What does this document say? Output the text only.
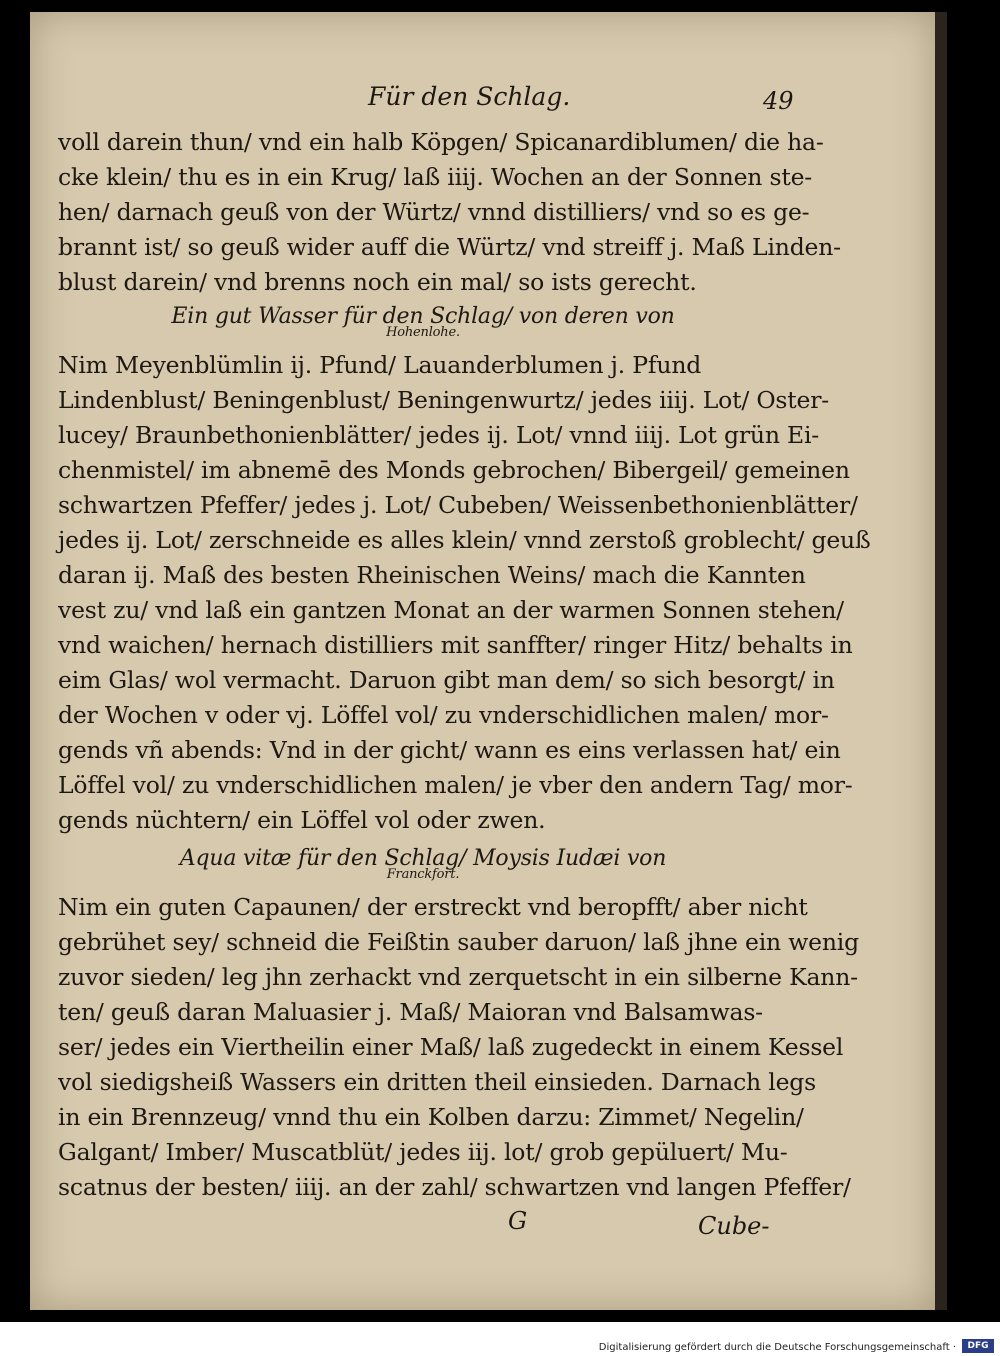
Für den Schlag.	49
voll darein thun/ vnd ein halb Köpgen/ Spicanardiblumen/ die ha-
cke klein/ thu es in ein Krug/ laß iiij. Wochen an der Sonnen ste-
hen/ darnach geuß von der Würtz/ vnnd distilliers/ vnd so es ge-
brannt ist/ so geuß wider auff die Würtz/ vnd streiff j. Maß Linden-
blust darein/ vnd brenns noch ein mal/ so ists gerecht.
Ein gut Wasser für den Schlag/ von deren von
Hohenlohe.
Nim Meyenblümlin ij. Pfund/ Lauanderblumen j. Pfund
Lindenblust/ Beningenblust/ Beningenwurtz/ jedes iiij. Lot/ Oster-
lucey/ Braunbethonienblätter/ jedes ij. Lot/ vnnd iiij. Lot grün Ei-
chenmistel/ im abnemē des Monds gebrochen/ Bibergeil/ gemeinen
schwartzen Pfeffer/ jedes j. Lot/ Cubeben/ Weissenbethonienblätter/
jedes ij. Lot/ zerschneide es alles klein/ vnnd zerstoß groblecht/ geuß
daran ij. Maß des besten Rheinischen Weins/ mach die Kannten
vest zu/ vnd laß ein gantzen Monat an der warmen Sonnen stehen/
vnd waichen/ hernach distilliers mit sanffter/ ringer Hitz/ behalts in
eim Glas/ wol vermacht. Daruon gibt man dem/ so sich besorgt/ in
der Wochen v oder vj. Löffel vol/ zu vnderschidlichen malen/ mor-
gends vñ abends: Vnd in der gicht/ wann es eins verlassen hat/ ein
Löffel vol/ zu vnderschidlichen malen/ je vber den andern Tag/ mor-
gends nüchtern/ ein Löffel vol oder zwen.
Aqua vitæ für den Schlag/ Moysis Iudæi von
Franckfort.
Nim ein guten Capaunen/ der erstreckt vnd beropfft/ aber nicht
gebrühet sey/ schneid die Feißtin sauber daruon/ laß jhne ein wenig
zuvor sieden/ leg jhn zerhackt vnd zerquetscht in ein silberne Kann-
ten/ geuß daran Maluasier j. Maß/ Maioran vnd Balsamwas-
ser/ jedes ein Viertheilin einer Maß/ laß zugedeckt in einem Kessel
vol siedigsheiß Wassers ein dritten theil einsieden. Darnach legs
in ein Brennzeug/ vnnd thu ein Kolben darzu: Zimmet/ Negelin/
Galgant/ Imber/ Muscatblüt/ jedes iij. lot/ grob gepüluert/ Mu-
scatnus der besten/ iiij. an der zahl/ schwartzen vnd langen Pfeffer/
G	Cube-
Digitalisierung gefördert durch die Deutsche Forschungsgemeinschaft ·	DFG
